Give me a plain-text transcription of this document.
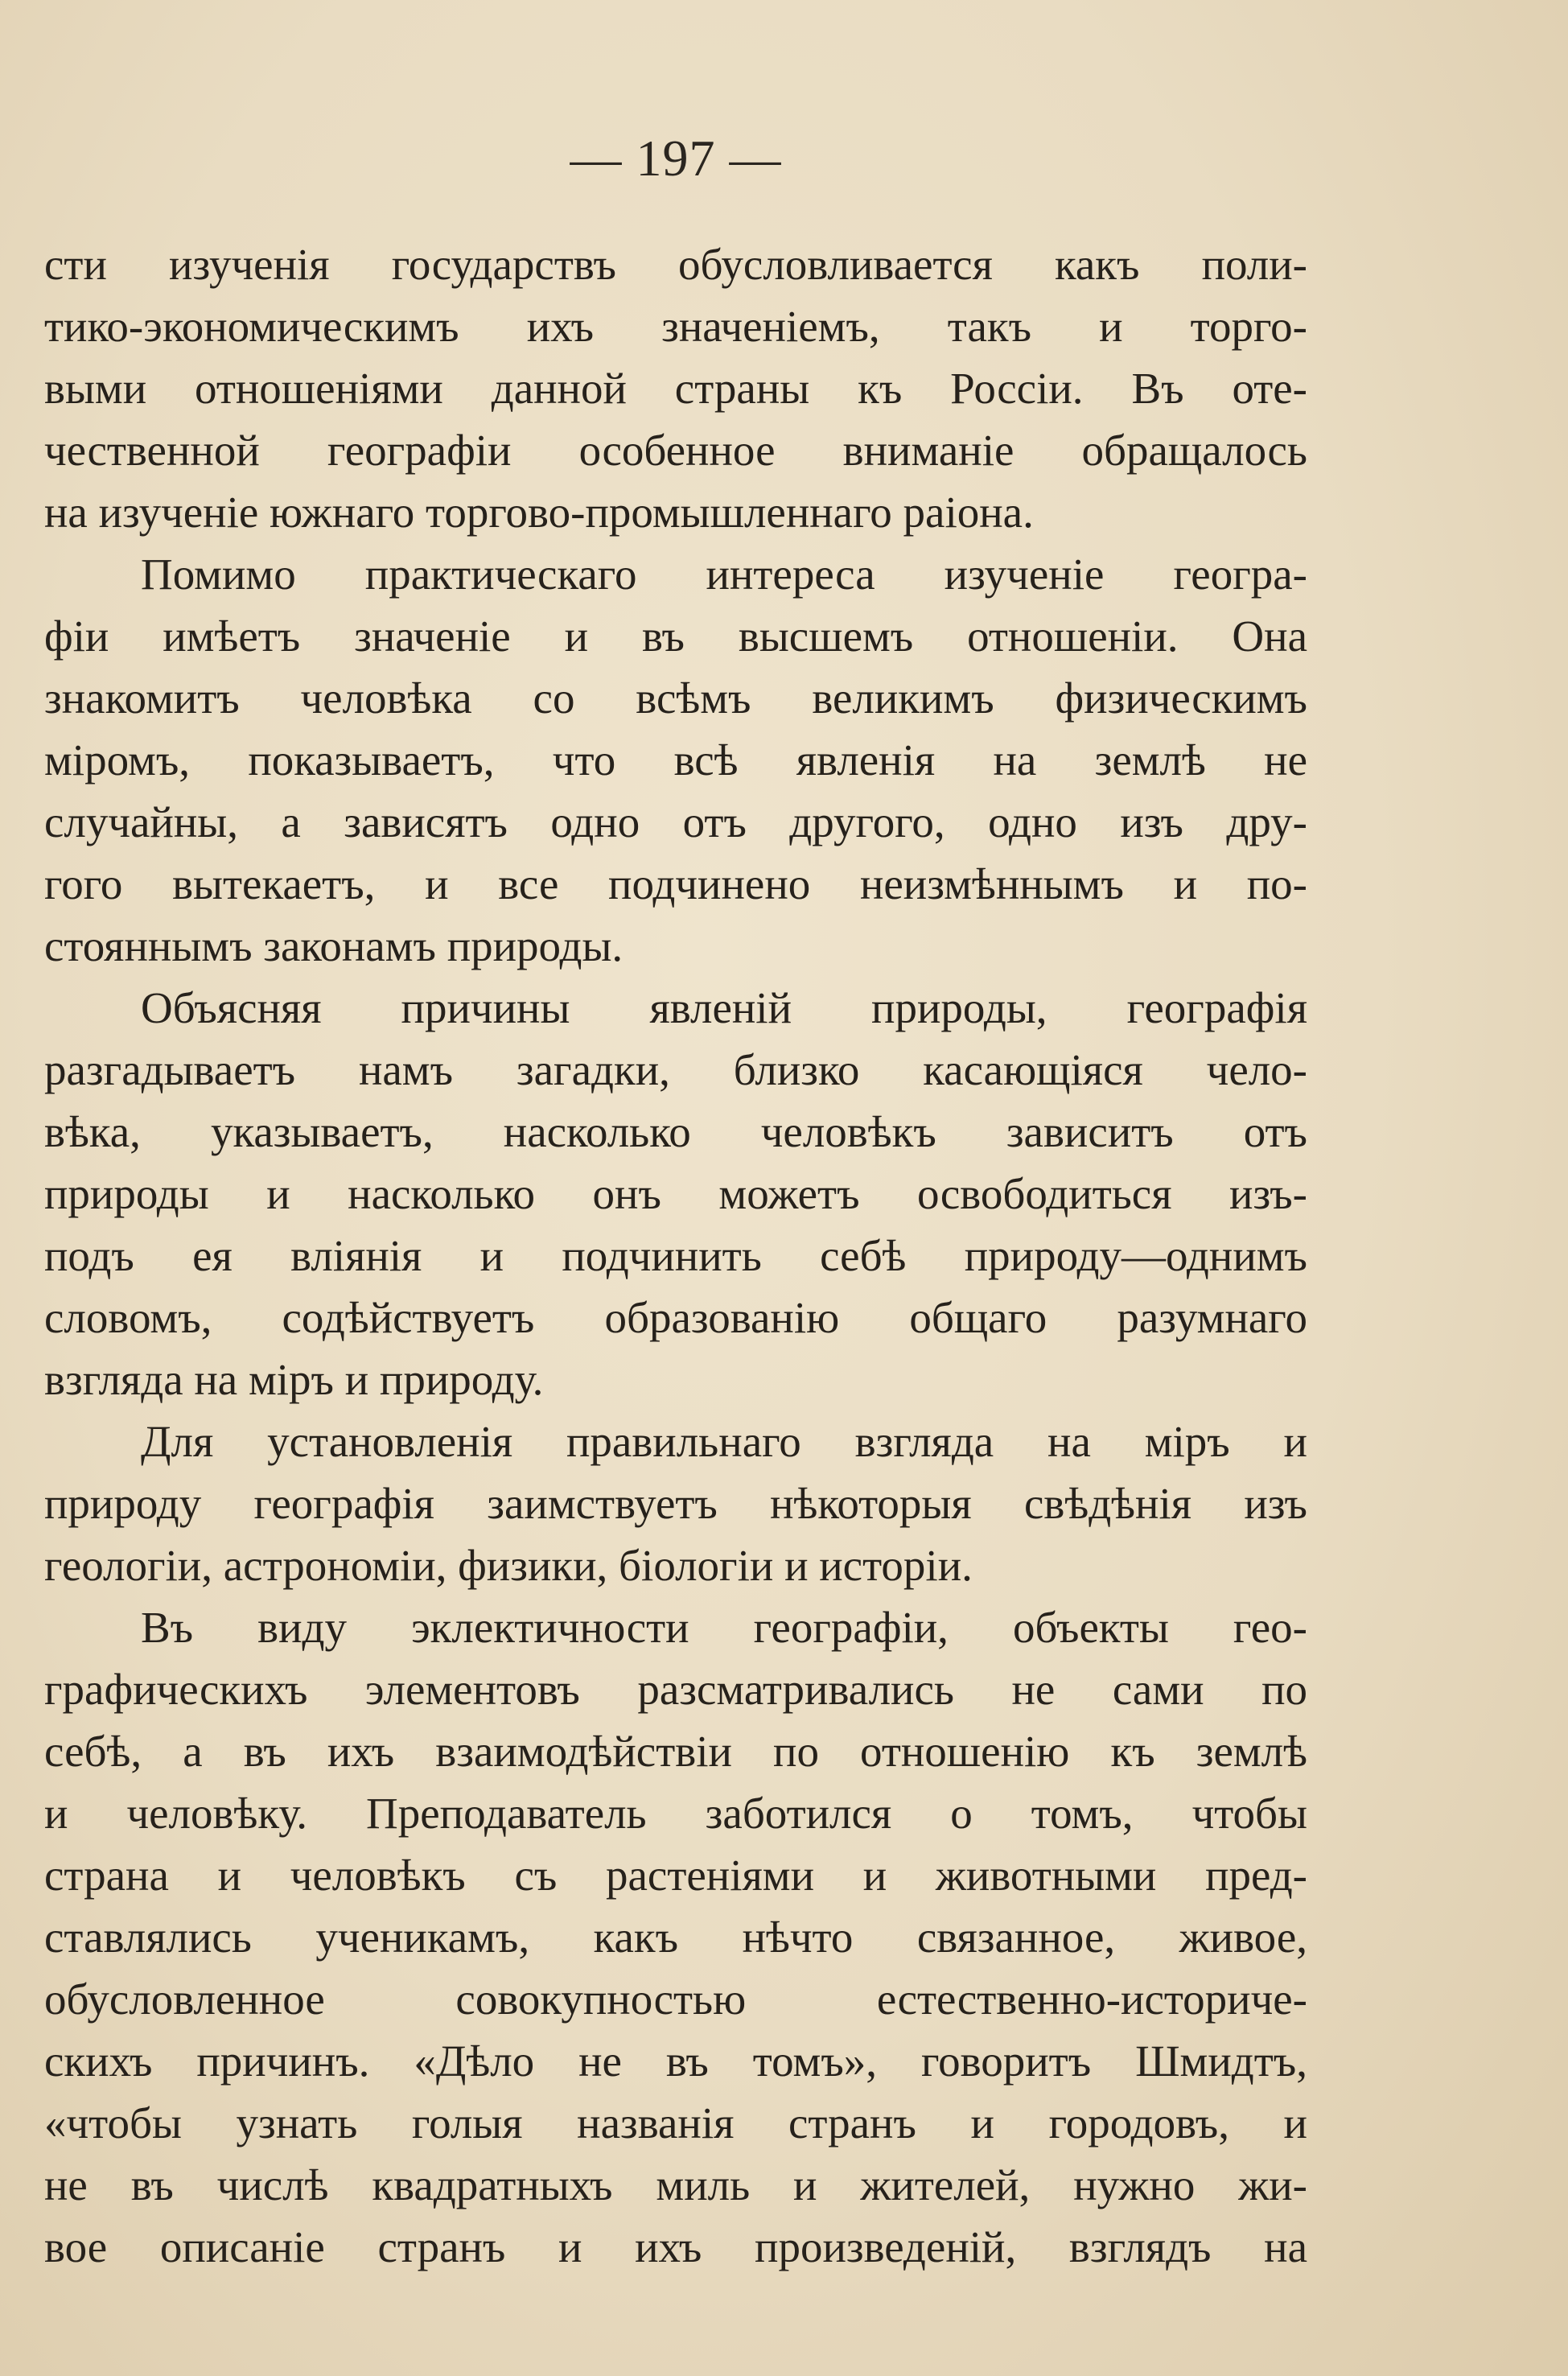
— 197 —
сти изученія государствъ обусловливается какъ поли-
тико-экономическимъ ихъ значеніемъ, такъ и торго-
выми отношеніями данной страны къ Россіи. Въ оте-
чественной географіи особенное вниманіе обращалось
на изученіе южнаго торгово-промышленнаго раіона.
Помимо практическаго интереса изученіе геогра-
фіи имѣетъ значеніе и въ высшемъ отношеніи. Она
знакомитъ человѣка со всѣмъ великимъ физическимъ
міромъ, показываетъ, что всѣ явленія на землѣ не
случайны, а зависятъ одно отъ другого, одно изъ дру-
гого вытекаетъ, и все подчинено неизмѣннымъ и по-
стояннымъ законамъ природы.
Объясняя причины явленій природы, географія
разгадываетъ намъ загадки, близко касающіяся чело-
вѣка, указываетъ, насколько человѣкъ зависитъ отъ
природы и насколько онъ можетъ освободиться изъ-
подъ ея вліянія и подчинить себѣ природу—однимъ
словомъ, содѣйствуетъ образованію общаго разумнаго
взгляда на міръ и природу.
Для установленія правильнаго взгляда на міръ и
природу географія заимствуетъ нѣкоторыя свѣдѣнія изъ
геологіи, астрономіи, физики, біологіи и исторіи.
Въ виду эклектичности географіи, объекты гео-
графическихъ элементовъ разсматривались не сами по
себѣ, а въ ихъ взаимодѣйствіи по отношенію къ землѣ
и человѣку. Преподаватель заботился о томъ, чтобы
страна и человѣкъ съ растеніями и животными пред-
ставлялись ученикамъ, какъ нѣчто связанное, живое,
обусловленное совокупностью естественно-историче-
скихъ причинъ. «Дѣло не въ томъ», говоритъ Шмидтъ,
«чтобы узнать голыя названія странъ и городовъ, и
не въ числѣ квадратныхъ миль и жителей, нужно жи-
вое описаніе странъ и ихъ произведеній, взглядъ на
